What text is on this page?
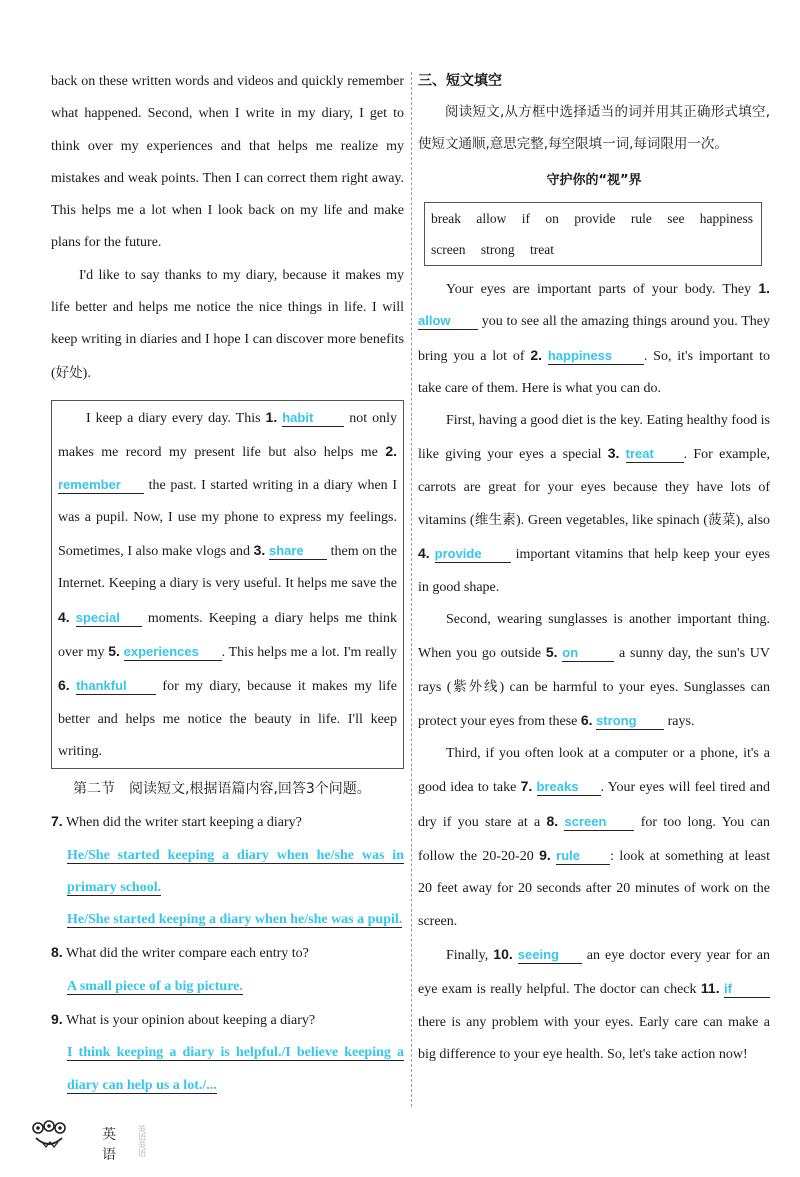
back on these written words and videos and quickly remember what happened. Second, when I write in my diary, I get to think over my experiences and that helps me realize my mistakes and weak points. Then I can correct them right away. This helps me a lot when I look back on my life and make plans for the future.

I'd like to say thanks to my diary, because it makes my life better and helps me notice the nice things in life. I will keep writing in diaries and I hope I can discover more benefits (好处).

I keep a diary every day. This 1. habit not only makes me record my present life but also helps me 2. remember the past. I started writing in a diary when I was a pupil. Now, I use my phone to express my feelings. Sometimes, I also make vlogs and 3. share them on the Internet. Keeping a diary is very useful. It helps me save the 4. special moments. Keeping a diary helps me think over my 5. experiences . This helps me a lot. I'm really 6. thankful for my diary, because it makes my life better and helps me notice the beauty in life. I'll keep writing.

第二节　阅读短文,根据语篇内容,回答3个问题。
7. When did the writer start keeping a diary?
He/She started keeping a diary when he/she was in primary school.
He/She started keeping a diary when he/she was a pupil.
8. What did the writer compare each entry to?
A small piece of a big picture.
9. What is your opinion about keeping a diary?
I think keeping a diary is helpful./I believe keeping a diary can help us a lot./...
三、短文填空

阅读短文,从方框中选择适当的词并用其正确形式填空,使短文通顺,意思完整,每空限填一词,每词限用一次。

守护你的“视”界
break allow if on provide rule see happiness screen strong treat

Your eyes are important parts of your body. They 1. allow you to see all the amazing things around you. They bring you a lot of 2. happiness . So, it's important to take care of them. Here is what you can do.

First, having a good diet is the key. Eating healthy food is like giving your eyes a special 3. treat . For example, carrots are great for your eyes because they have lots of vitamins (维生素). Green vegetables, like spinach (菠菜), also 4. provide important vitamins that help keep your eyes in good shape.

Second, wearing sunglasses is another important thing. When you go outside 5. on	a sunny day, the sun's UV rays (紫外线) can be harmful to your eyes. Sunglasses can protect your eyes from these 6. strong rays.

Third, if you often look at a computer or a phone, it's a good idea to take 7. breaks . Your eyes will feel tired and dry if you stare at a 8. screen for too long. You can follow the 20-20-20 9. rule : look at something at least 20 feet away for 20 seconds after 20 minutes of work on the screen.

Finally, 10. seeing an eye doctor every year for an eye exam is really helpful. The doctor can check 11. if there is any problem with your eyes. Early care can make a big difference to your eye health. So, let's take action now!

英语
英语 英语
